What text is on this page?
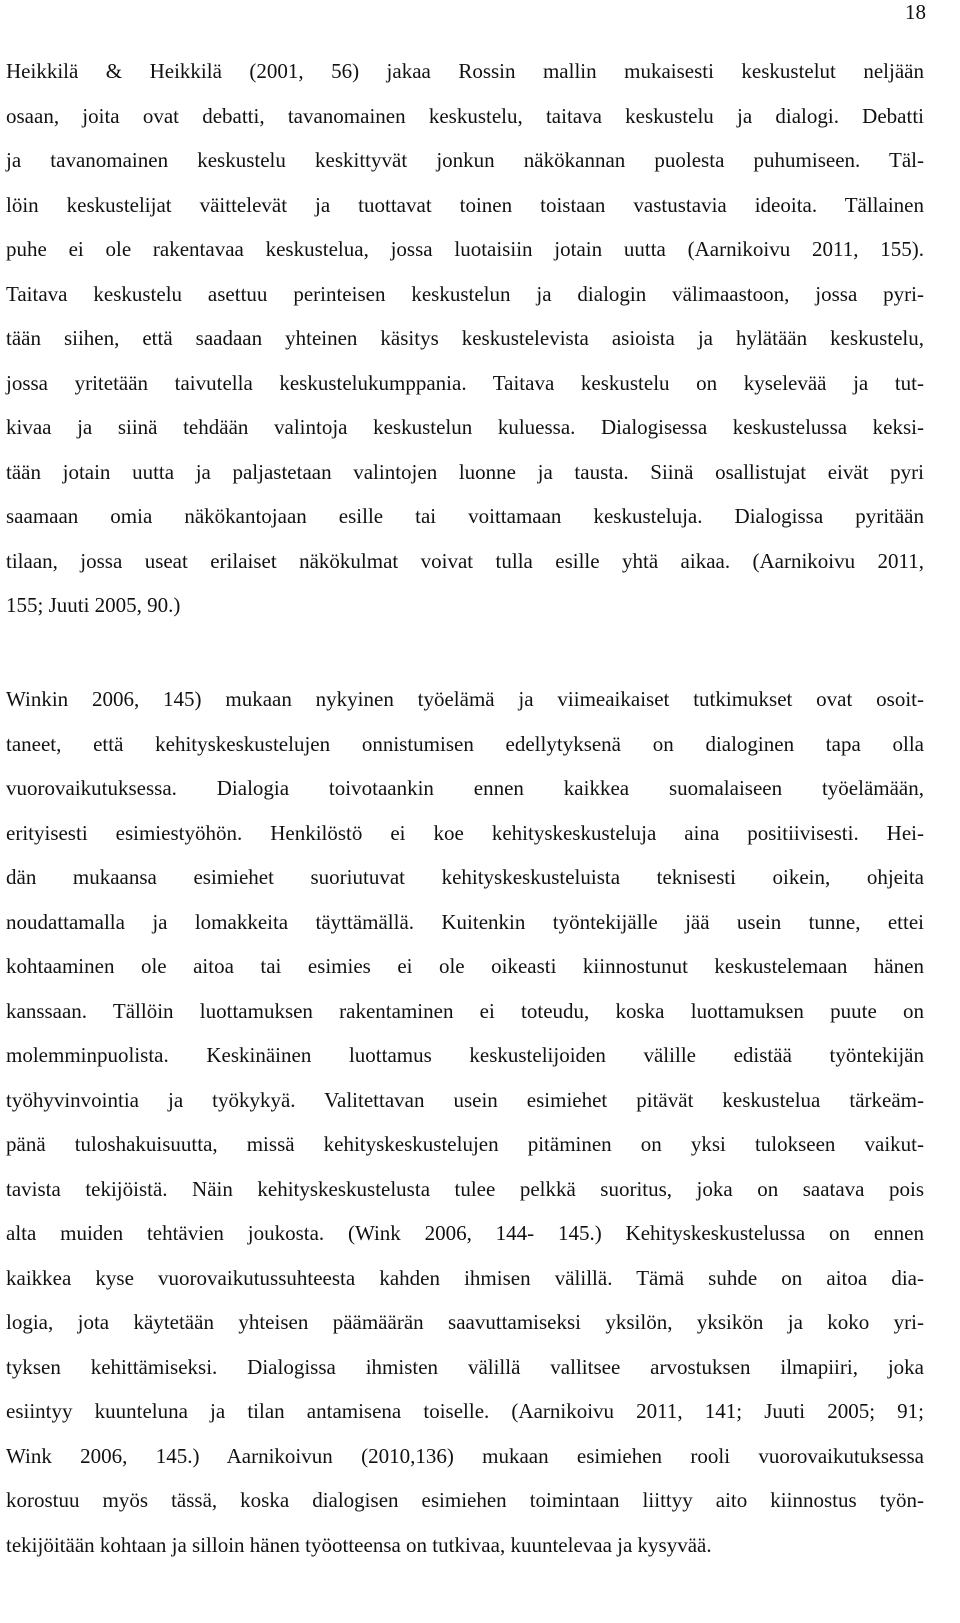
18
Heikkilä & Heikkilä (2001, 56) jakaa Rossin mallin mukaisesti keskustelut neljään
osaan, joita ovat debatti, tavanomainen keskustelu, taitava keskustelu ja dialogi. Debatti
ja tavanomainen keskustelu keskittyvät jonkun näkökannan puolesta puhumiseen. Täl-
löin keskustelijat väittelevät ja tuottavat toinen toistaan vastustavia ideoita. Tällainen
puhe ei ole rakentavaa keskustelua, jossa luotaisiin jotain uutta (Aarnikoivu 2011, 155).
Taitava keskustelu asettuu perinteisen keskustelun ja dialogin välimaastoon, jossa pyri-
tään siihen, että saadaan yhteinen käsitys keskustelevista asioista ja hylätään keskustelu,
jossa yritetään taivutella keskustelukumppania. Taitava keskustelu on kyselevää ja tut-
kivaa ja siinä tehdään valintoja keskustelun kuluessa. Dialogisessa keskustelussa keksi-
tään jotain uutta ja paljastetaan valintojen luonne ja tausta. Siinä osallistujat eivät pyri
saamaan omia näkökantojaan esille tai voittamaan keskusteluja. Dialogissa pyritään
tilaan, jossa useat erilaiset näkökulmat voivat tulla esille yhtä aikaa. (Aarnikoivu 2011,
155; Juuti 2005, 90.)
Winkin 2006, 145) mukaan nykyinen työelämä ja viimeaikaiset tutkimukset ovat osoit-
taneet, että kehityskeskustelujen onnistumisen edellytyksenä on dialoginen tapa olla
vuorovaikutuksessa. Dialogia toivotaankin ennen kaikkea suomalaiseen työelämään,
erityisesti esimiestyöhön. Henkilöstö ei koe kehityskeskusteluja aina positiivisesti. Hei-
dän mukaansa esimiehet suoriutuvat kehityskeskusteluista teknisesti oikein, ohjeita
noudattamalla ja lomakkeita täyttämällä. Kuitenkin työntekijälle jää usein tunne, ettei
kohtaaminen ole aitoa tai esimies ei ole oikeasti kiinnostunut keskustelemaan hänen
kanssaan. Tällöin luottamuksen rakentaminen ei toteudu, koska luottamuksen puute on
molemminpuolista. Keskinäinen luottamus keskustelijoiden välille edistää työntekijän
työhyvinvointia ja työkykyä. Valitettavan usein esimiehet pitävät keskustelua tärkeäm-
pänä tuloshakuisuutta, missä kehityskeskustelujen pitäminen on yksi tulokseen vaikut-
tavista tekijöistä. Näin kehityskeskustelusta tulee pelkkä suoritus, joka on saatava pois
alta muiden tehtävien joukosta. (Wink 2006, 144- 145.) Kehityskeskustelussa on ennen
kaikkea kyse vuorovaikutussuhteesta kahden ihmisen välillä. Tämä suhde on aitoa dia-
logia, jota käytetään yhteisen päämäärän saavuttamiseksi yksilön, yksikön ja koko yri-
tyksen kehittämiseksi. Dialogissa ihmisten välillä vallitsee arvostuksen ilmapiiri, joka
esiintyy kuunteluna ja tilan antamisena toiselle. (Aarnikoivu 2011, 141; Juuti 2005; 91;
Wink 2006, 145.) Aarnikoivun (2010,136) mukaan esimiehen rooli vuorovaikutuksessa
korostuu myös tässä, koska dialogisen esimiehen toimintaan liittyy aito kiinnostus työn-
tekijöitään kohtaan ja silloin hänen työotteensa on tutkivaa, kuuntelevaa ja kysyvää.
